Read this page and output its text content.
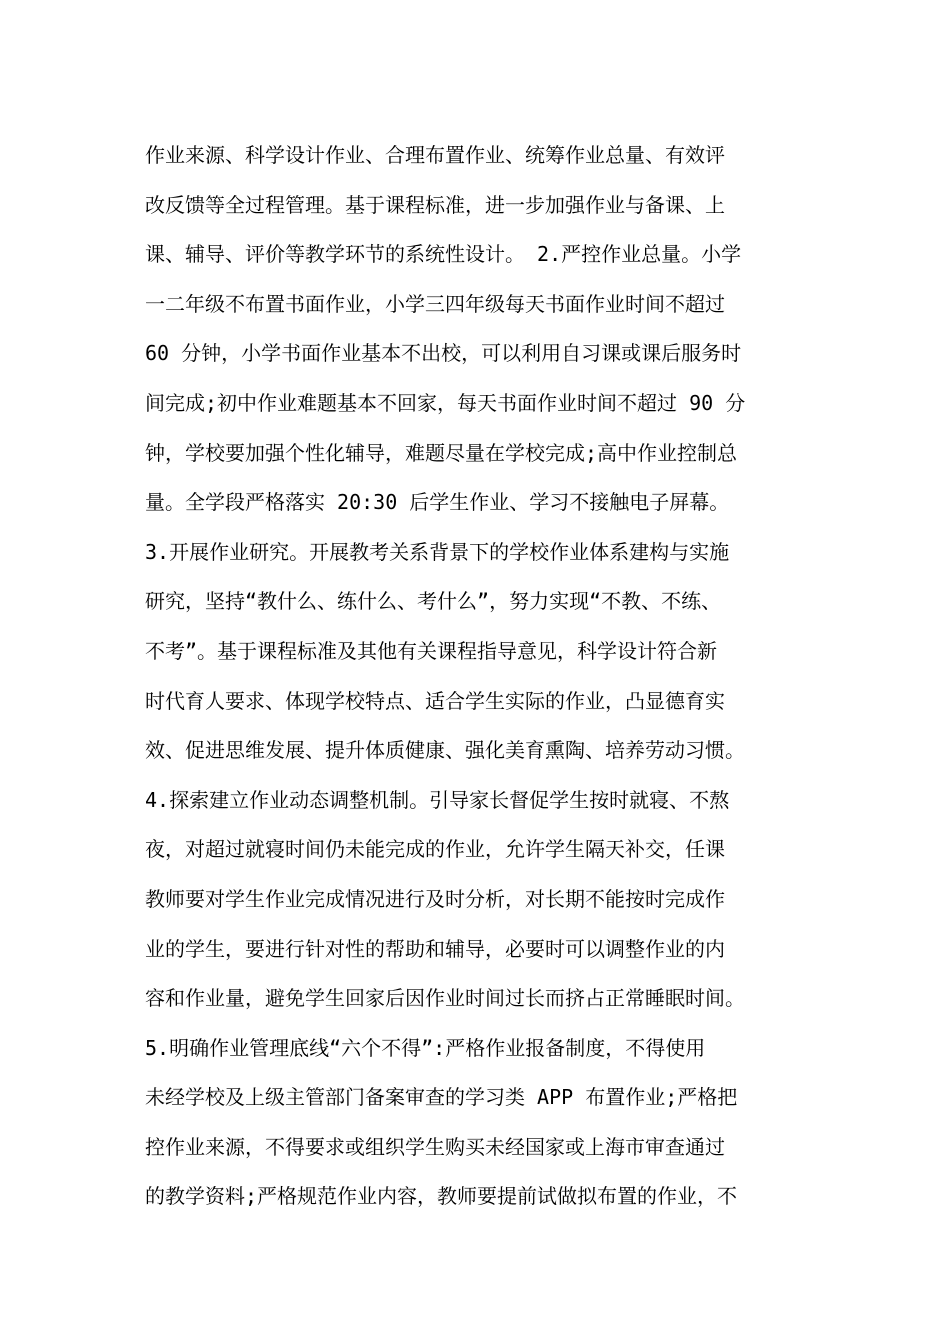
作业来源、科学设计作业、合理布置作业、统筹作业总量、有效评
改反馈等全过程管理。基于课程标准，进一步加强作业与备课、上
课、辅导、评价等教学环节的系统性设计。 2.严控作业总量。小学
一二年级不布置书面作业，小学三四年级每天书面作业时间不超过
60 分钟，小学书面作业基本不出校，可以利用自习课或课后服务时
间完成;初中作业难题基本不回家，每天书面作业时间不超过 90 分
钟，学校要加强个性化辅导，难题尽量在学校完成;高中作业控制总
量。全学段严格落实 20:30 后学生作业、学习不接触电子屏幕。
3.开展作业研究。开展教考关系背景下的学校作业体系建构与实施
研究，坚持“教什么、练什么、考什么”，努力实现“不教、不练、
不考”。基于课程标准及其他有关课程指导意见，科学设计符合新
时代育人要求、体现学校特点、适合学生实际的作业，凸显德育实
效、促进思维发展、提升体质健康、强化美育熏陶、培养劳动习惯。
4.探索建立作业动态调整机制。引导家长督促学生按时就寝、不熬
夜，对超过就寝时间仍未能完成的作业，允许学生隔天补交，任课
教师要对学生作业完成情况进行及时分析，对长期不能按时完成作
业的学生，要进行针对性的帮助和辅导，必要时可以调整作业的内
容和作业量，避免学生回家后因作业时间过长而挤占正常睡眠时间。
5.明确作业管理底线“六个不得”:严格作业报备制度，不得使用
未经学校及上级主管部门备案审查的学习类 APP 布置作业;严格把
控作业来源，不得要求或组织学生购买未经国家或上海市审查通过
的教学资料;严格规范作业内容，教师要提前试做拟布置的作业，不
